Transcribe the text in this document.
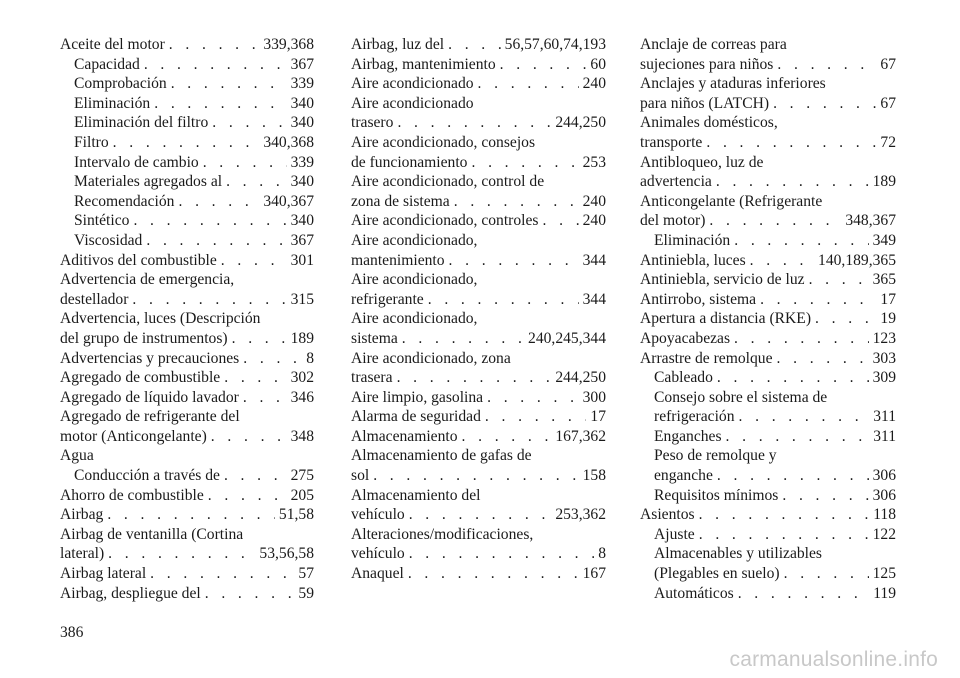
Aceite del motor . . .	339,368
Capacidad . . .	367
Comprobación . . .	339
Eliminación . . .	340
Eliminación del filtro . . .	340
Filtro . . .	340,368
Intervalo de cambio . . .	339
Materiales agregados al . . .	340
Recomendación . . .	340,367
Sintético . . .	340
Viscosidad . . .	367
Aditivos del combustible . . .	301
Advertencia de emergencia,
destellador . . .	315
Advertencia, luces (Descripción
del grupo de instrumentos) . . .	189
Advertencias y precauciones . . .	8
Agregado de combustible . . .	302
Agregado de líquido lavador . . .	346
Agregado de refrigerante del
motor (Anticongelante) . . .	348
Agua
Conducción a través de . . .	275
Ahorro de combustible . . .	205
Airbag . . .	51,58
Airbag de ventanilla (Cortina
lateral) . . .	53,56,58
Airbag lateral . . .	57
Airbag, despliegue del . . .	59
Airbag, luz del . . .	56,57,60,74,193
Airbag, mantenimiento . . .	60
Aire acondicionado . . .	240
Aire acondicionado
trasero . . .	244,250
Aire acondicionado, consejos
de funcionamiento . . .	253
Aire acondicionado, control de
zona de sistema . . .	240
Aire acondicionado, controles . . .	240
Aire acondicionado,
mantenimiento . . .	344
Aire acondicionado,
refrigerante . . .	344
Aire acondicionado,
sistema . . .	240,245,344
Aire acondicionado, zona
trasera . . .	244,250
Aire limpio, gasolina . . .	300
Alarma de seguridad . . .	17
Almacenamiento . . .	167,362
Almacenamiento de gafas de
sol . . .	158
Almacenamiento del
vehículo . . .	253,362
Alteraciones/modificaciones,
vehículo . . .	8
Anaquel . . .	167
Anclaje de correas para
sujeciones para niños . . .	67
Anclajes y ataduras inferiores
para niños (LATCH) . . .	67
Animales domésticos,
transporte . . .	72
Antibloqueo, luz de
advertencia . . .	189
Anticongelante (Refrigerante
del motor) . . .	348,367
Eliminación . . .	349
Antiniebla, luces . . .	140,189,365
Antiniebla, servicio de luz . . .	365
Antirrobo, sistema . . .	17
Apertura a distancia (RKE) . . .	19
Apoyacabezas . . .	123
Arrastre de remolque . . .	303
Cableado . . .	309
Consejo sobre el sistema de
refrigeración . . .	311
Enganches . . .	311
Peso de remolque y
enganche . . .	306
Requisitos mínimos . . .	306
Asientos . . .	118
Ajuste . . .	122
Almacenables y utilizables
(Plegables en suelo) . . .	125
Automáticos . . .	119
386
carmanualsonline.info
